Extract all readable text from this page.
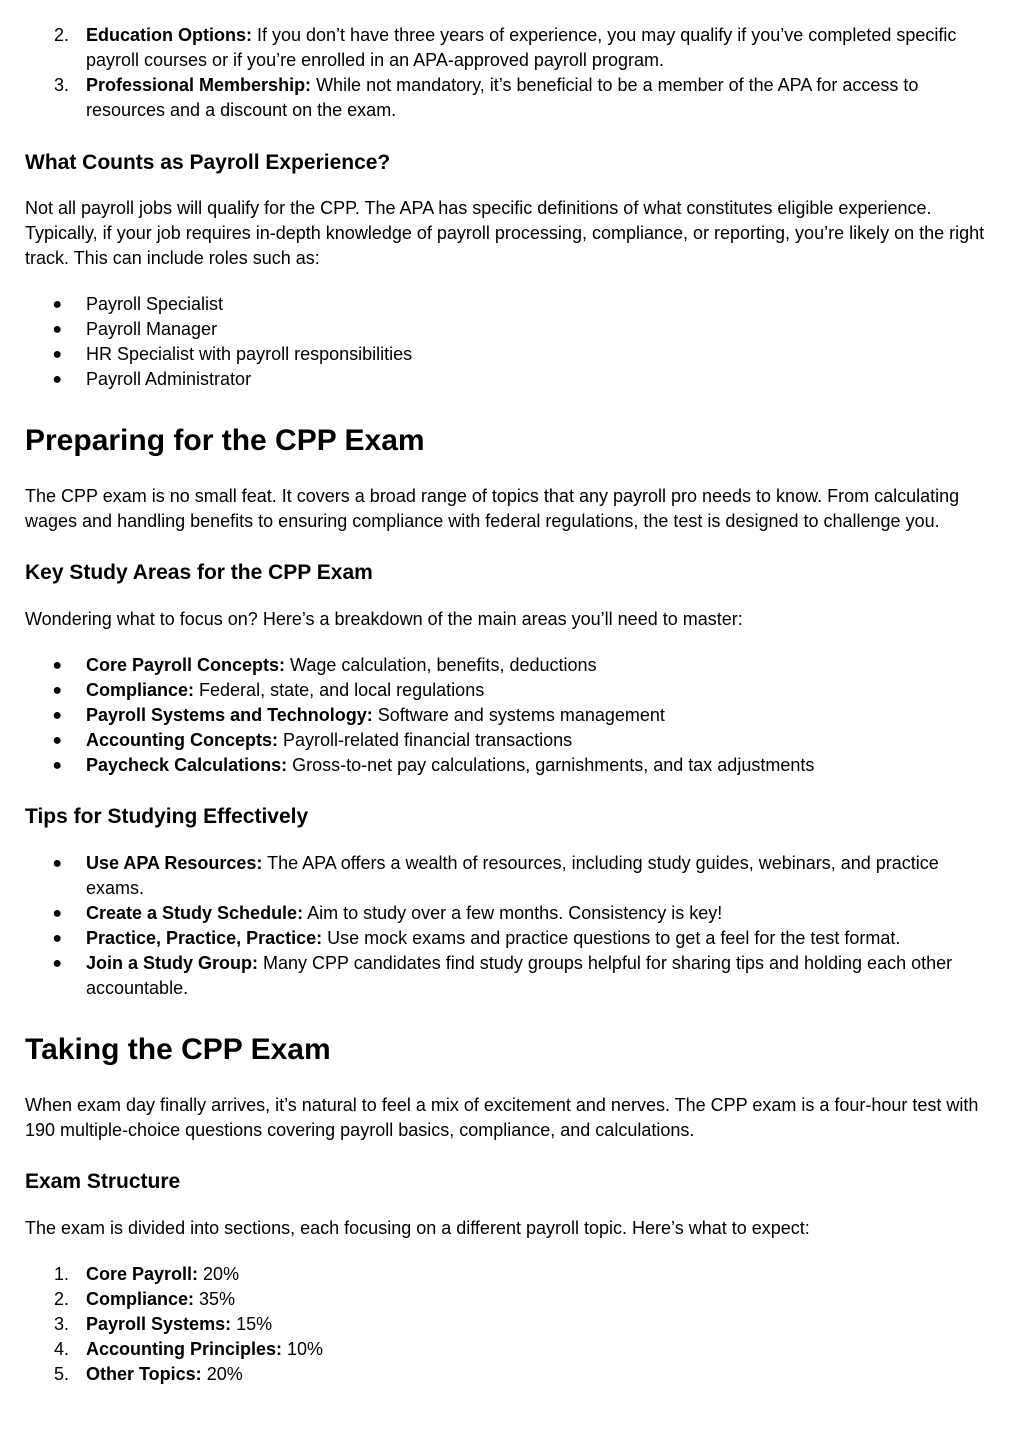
2. Education Options: If you don’t have three years of experience, you may qualify if you’ve completed specific payroll courses or if you’re enrolled in an APA-approved payroll program.
3. Professional Membership: While not mandatory, it’s beneficial to be a member of the APA for access to resources and a discount on the exam.
What Counts as Payroll Experience?

Not all payroll jobs will qualify for the CPP. The APA has specific definitions of what constitutes eligible experience. Typically, if your job requires in-depth knowledge of payroll processing, compliance, or reporting, you’re likely on the right track. This can include roles such as:

● Payroll Specialist
● Payroll Manager
● HR Specialist with payroll responsibilities
● Payroll Administrator
Preparing for the CPP Exam

The CPP exam is no small feat. It covers a broad range of topics that any payroll pro needs to know. From calculating wages and handling benefits to ensuring compliance with federal regulations, the test is designed to challenge you.

Key Study Areas for the CPP Exam

Wondering what to focus on? Here’s a breakdown of the main areas you’ll need to master:

● Core Payroll Concepts: Wage calculation, benefits, deductions
● Compliance: Federal, state, and local regulations
● Payroll Systems and Technology: Software and systems management
● Accounting Concepts: Payroll-related financial transactions
● Paycheck Calculations: Gross-to-net pay calculations, garnishments, and tax adjustments
Tips for Studying Effectively
● Use APA Resources: The APA offers a wealth of resources, including study guides, webinars, and practice exams.
● Create a Study Schedule: Aim to study over a few months. Consistency is key!
● Practice, Practice, Practice: Use mock exams and practice questions to get a feel for the test format.
● Join a Study Group: Many CPP candidates find study groups helpful for sharing tips and holding each other accountable.
Taking the CPP Exam

When exam day finally arrives, it’s natural to feel a mix of excitement and nerves. The CPP exam is a four-hour test with 190 multiple-choice questions covering payroll basics, compliance, and calculations.

Exam Structure

The exam is divided into sections, each focusing on a different payroll topic. Here’s what to expect:

1. Core Payroll: 20%
2. Compliance: 35%
3. Payroll Systems: 15%
4. Accounting Principles: 10%
5. Other Topics: 20%
